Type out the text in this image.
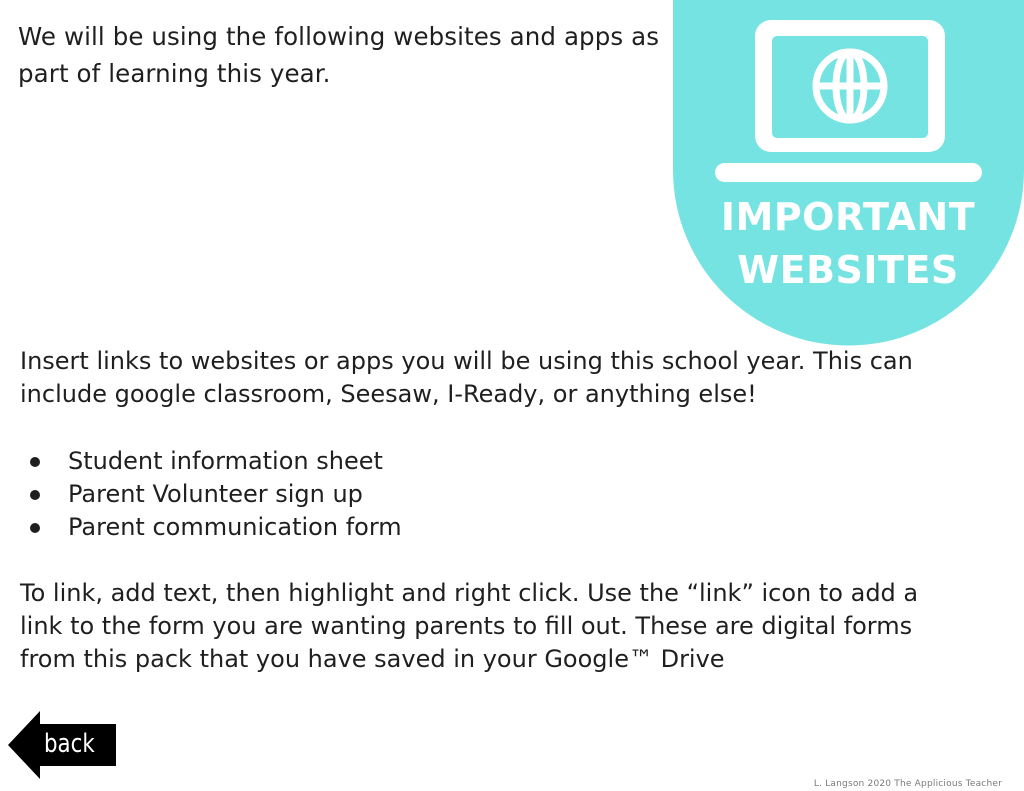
We will be using the following websites and apps as
part of learning this year.
IMPORTANT
WEBSITES
Insert links to websites or apps you will be using this school year. This can
include google classroom, Seesaw, I-Ready, or anything else!
Student information sheet
Parent Volunteer sign up
Parent communication form
To link, add text, then highlight and right click. Use the “link” icon to add a
link to the form you are wanting parents to fill out. These are digital forms
from this pack that you have saved in your Google™ Drive
back
L. Langson 2020 The Applicious Teacher
